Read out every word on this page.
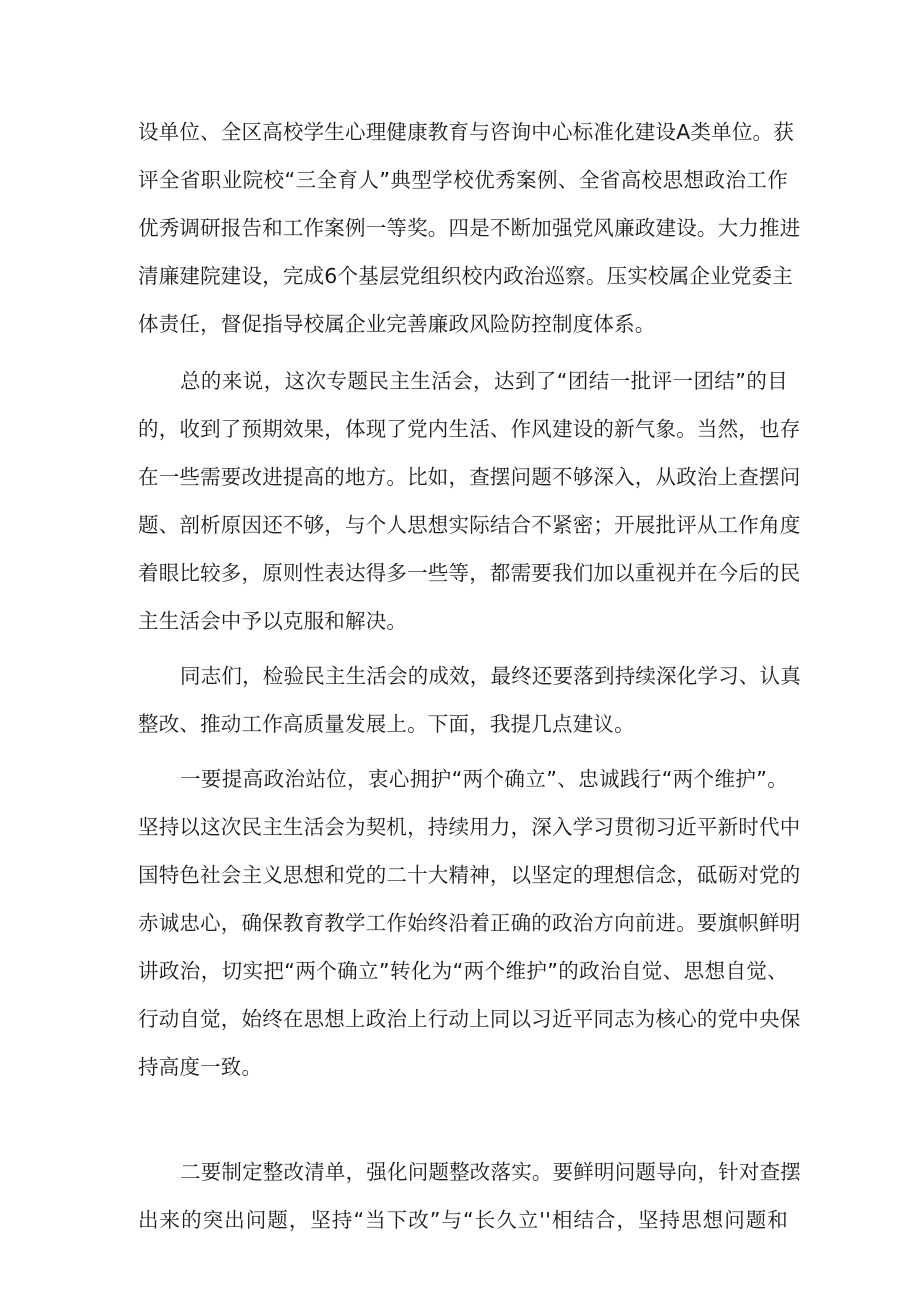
设单位、全区高校学生心理健康教育与咨询中心标准化建设A类单位。获
评全省职业院校“三全育人”典型学校优秀案例、全省高校思想政治工作
优秀调研报告和工作案例一等奖。四是不断加强党风廉政建设。大力推进
清廉建院建设，完成6个基层党组织校内政治巡察。压实校属企业党委主
体责任，督促指导校属企业完善廉政风险防控制度体系。
总的来说，这次专题民主生活会，达到了“团结一批评一团结”的目
的，收到了预期效果，体现了党内生活、作风建设的新气象。当然，也存
在一些需要改进提高的地方。比如，查摆问题不够深入，从政治上查摆问
题、剖析原因还不够，与个人思想实际结合不紧密；开展批评从工作角度
着眼比较多，原则性表达得多一些等，都需要我们加以重视并在今后的民
主生活会中予以克服和解决。
同志们，检验民主生活会的成效，最终还要落到持续深化学习、认真
整改、推动工作高质量发展上。下面，我提几点建议。
一要提高政治站位，衷心拥护“两个确立”、忠诚践行“两个维护”。
坚持以这次民主生活会为契机，持续用力，深入学习贯彻习近平新时代中
国特色社会主义思想和党的二十大精神，以坚定的理想信念，砥砺对党的
赤诚忠心，确保教育教学工作始终沿着正确的政治方向前进。要旗帜鲜明
讲政治，切实把“两个确立”转化为“两个维护”的政治自觉、思想自觉、
行动自觉，始终在思想上政治上行动上同以习近平同志为核心的党中央保
持高度一致。
二要制定整改清单，强化问题整改落实。要鲜明问题导向，针对查摆
出来的突出问题，坚持“当下改”与“长久立''相结合，坚持思想问题和
